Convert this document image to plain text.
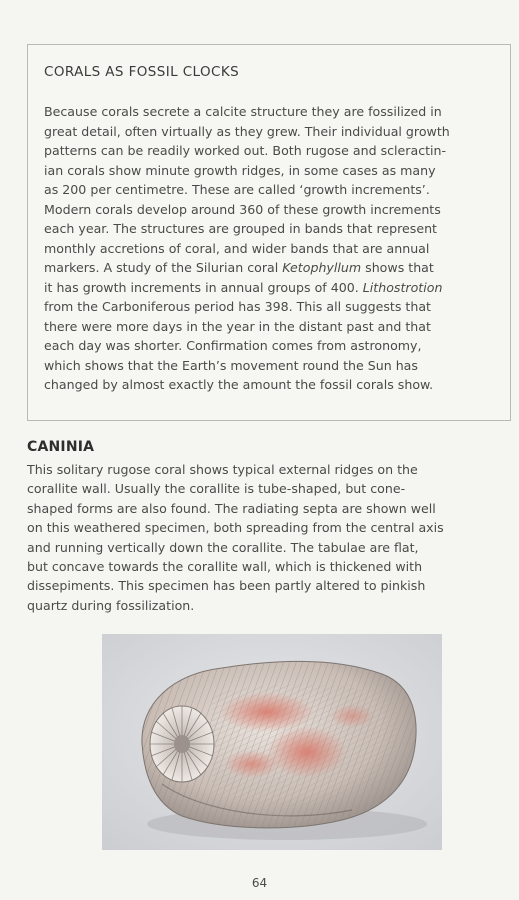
CORALS AS FOSSIL CLOCKS
Because corals secrete a calcite structure they are fossilized in
great detail, often virtually as they grew. Their individual growth
patterns can be readily worked out. Both rugose and scleractin-
ian corals show minute growth ridges, in some cases as many
as 200 per centimetre. These are called ‘growth increments’.
Modern corals develop around 360 of these growth increments
each year. The structures are grouped in bands that represent
monthly accretions of coral, and wider bands that are annual
markers. A study of the Silurian coral Ketophyllum shows that
it has growth increments in annual groups of 400. Lithostrotion
from the Carboniferous period has 398. This all suggests that
there were more days in the year in the distant past and that
each day was shorter. Confirmation comes from astronomy,
which shows that the Earth’s movement round the Sun has
changed by almost exactly the amount the fossil corals show.
CANINIA
This solitary rugose coral shows typical external ridges on the
corallite wall. Usually the corallite is tube-shaped, but cone-
shaped forms are also found. The radiating septa are shown well
on this weathered specimen, both spreading from the central axis
and running vertically down the corallite. The tabulae are flat,
but concave towards the corallite wall, which is thickened with
dissepiments. This specimen has been partly altered to pinkish
quartz during fossilization.
64
